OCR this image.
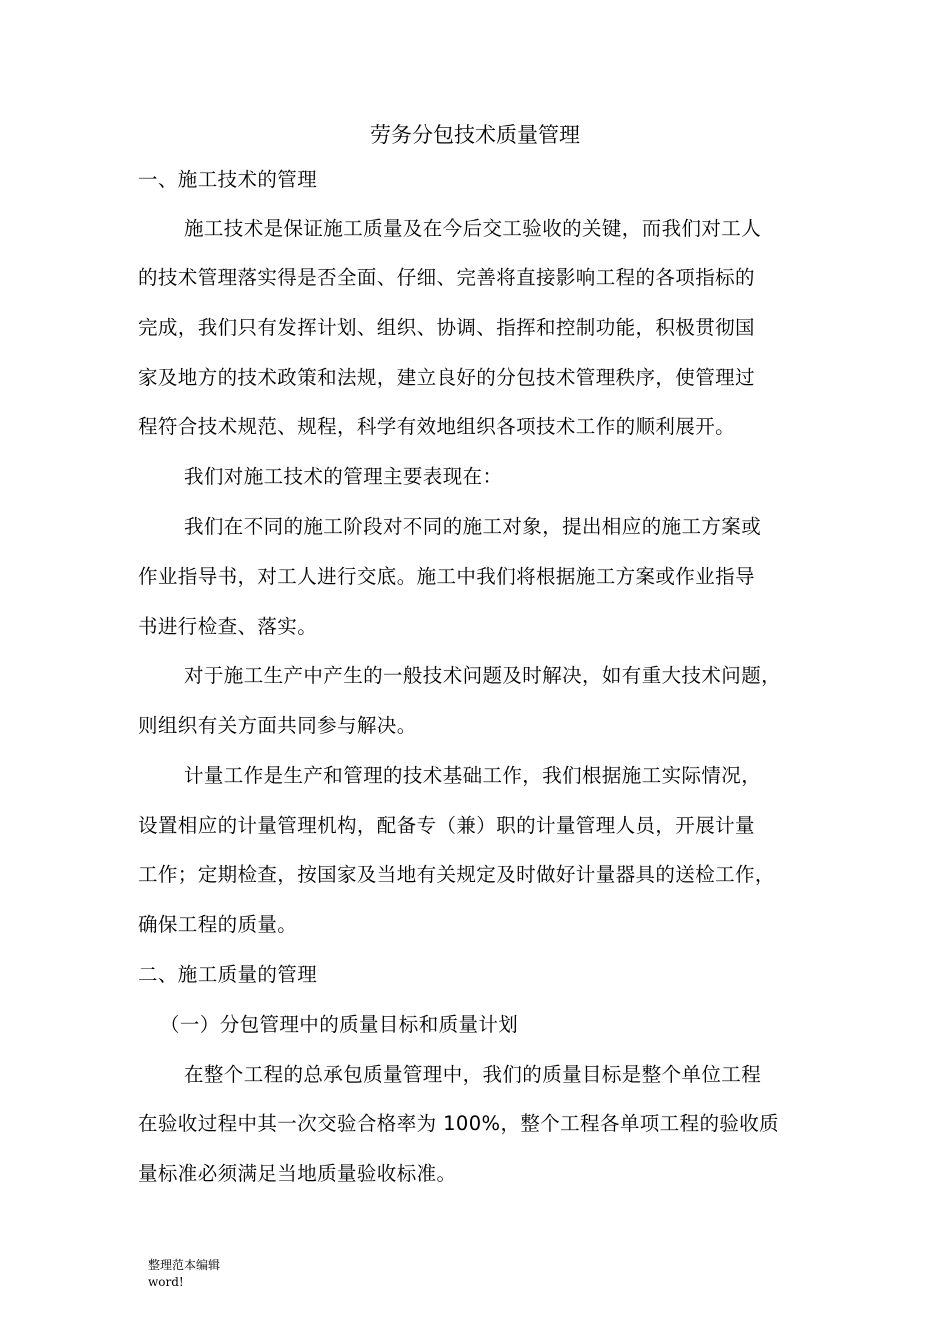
劳务分包技术质量管理
一、施工技术的管理
施工技术是保证施工质量及在今后交工验收的关键，而我们对工人
的技术管理落实得是否全面、仔细、完善将直接影响工程的各项指标的
完成，我们只有发挥计划、组织、协调、指挥和控制功能，积极贯彻国
家及地方的技术政策和法规，建立良好的分包技术管理秩序，使管理过
程符合技术规范、规程，科学有效地组织各项技术工作的顺利展开。
我们对施工技术的管理主要表现在：
我们在不同的施工阶段对不同的施工对象，提出相应的施工方案或
作业指导书，对工人进行交底。施工中我们将根据施工方案或作业指导
书进行检查、落实。
对于施工生产中产生的一般技术问题及时解决，如有重大技术问题，
则组织有关方面共同参与解决。
计量工作是生产和管理的技术基础工作，我们根据施工实际情况，
设置相应的计量管理机构，配备专（兼）职的计量管理人员，开展计量
工作；定期检查，按国家及当地有关规定及时做好计量器具的送检工作，
确保工程的质量。
二、施工质量的管理
（一）分包管理中的质量目标和质量计划
在整个工程的总承包质量管理中，我们的质量目标是整个单位工程
在验收过程中其一次交验合格率为 100%，整个工程各单项工程的验收质
量标准必须满足当地质量验收标准。
整理范本编辑
word!
